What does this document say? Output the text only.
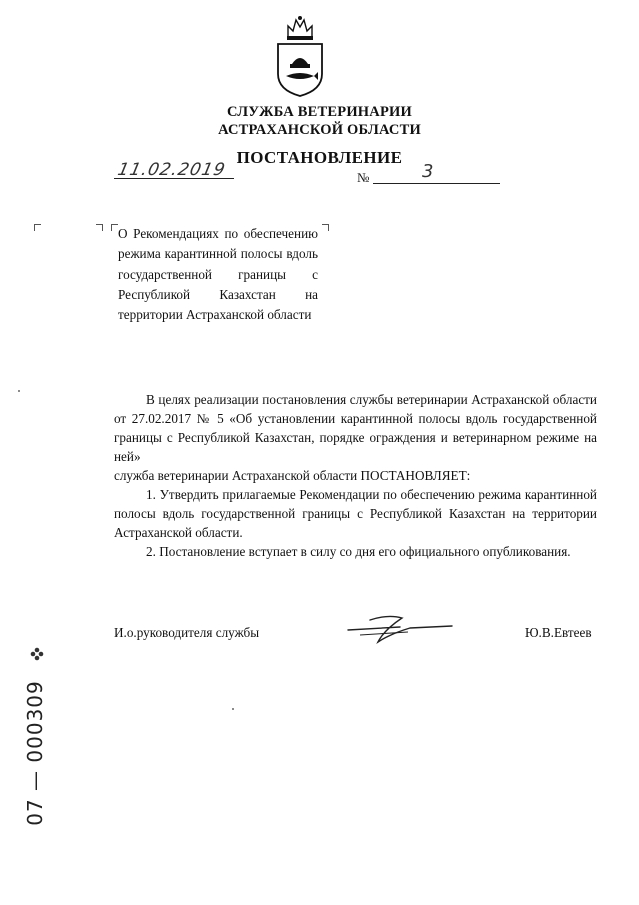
СЛУЖБА ВЕТЕРИНАРИИ
АСТРАХАНСКОЙ ОБЛАСТИ
ПОСТАНОВЛЕНИЕ
11.02.2019	№	3
О Рекомендациях по обеспечению режима карантинной полосы вдоль государственной границы с Республикой Казахстан на территории Астраханской области

В целях реализации постановления службы ветеринарии Астраханской области от 27.02.2017 № 5 «Об установлении карантинной полосы вдоль государственной границы с Республикой Казахстан, порядке ограждения и ветеринарном режиме на ней»

служба ветеринарии Астраханской области ПОСТАНОВЛЯЕТ:

1. Утвердить прилагаемые Рекомендации по обеспечению режима карантинной полосы вдоль государственной границы с Республикой Казахстан на территории Астраханской области.

2. Постановление вступает в силу со дня его официального опубликования.

И.о.руководителя службы	Ю.В.Евтеев
07 — 000309
